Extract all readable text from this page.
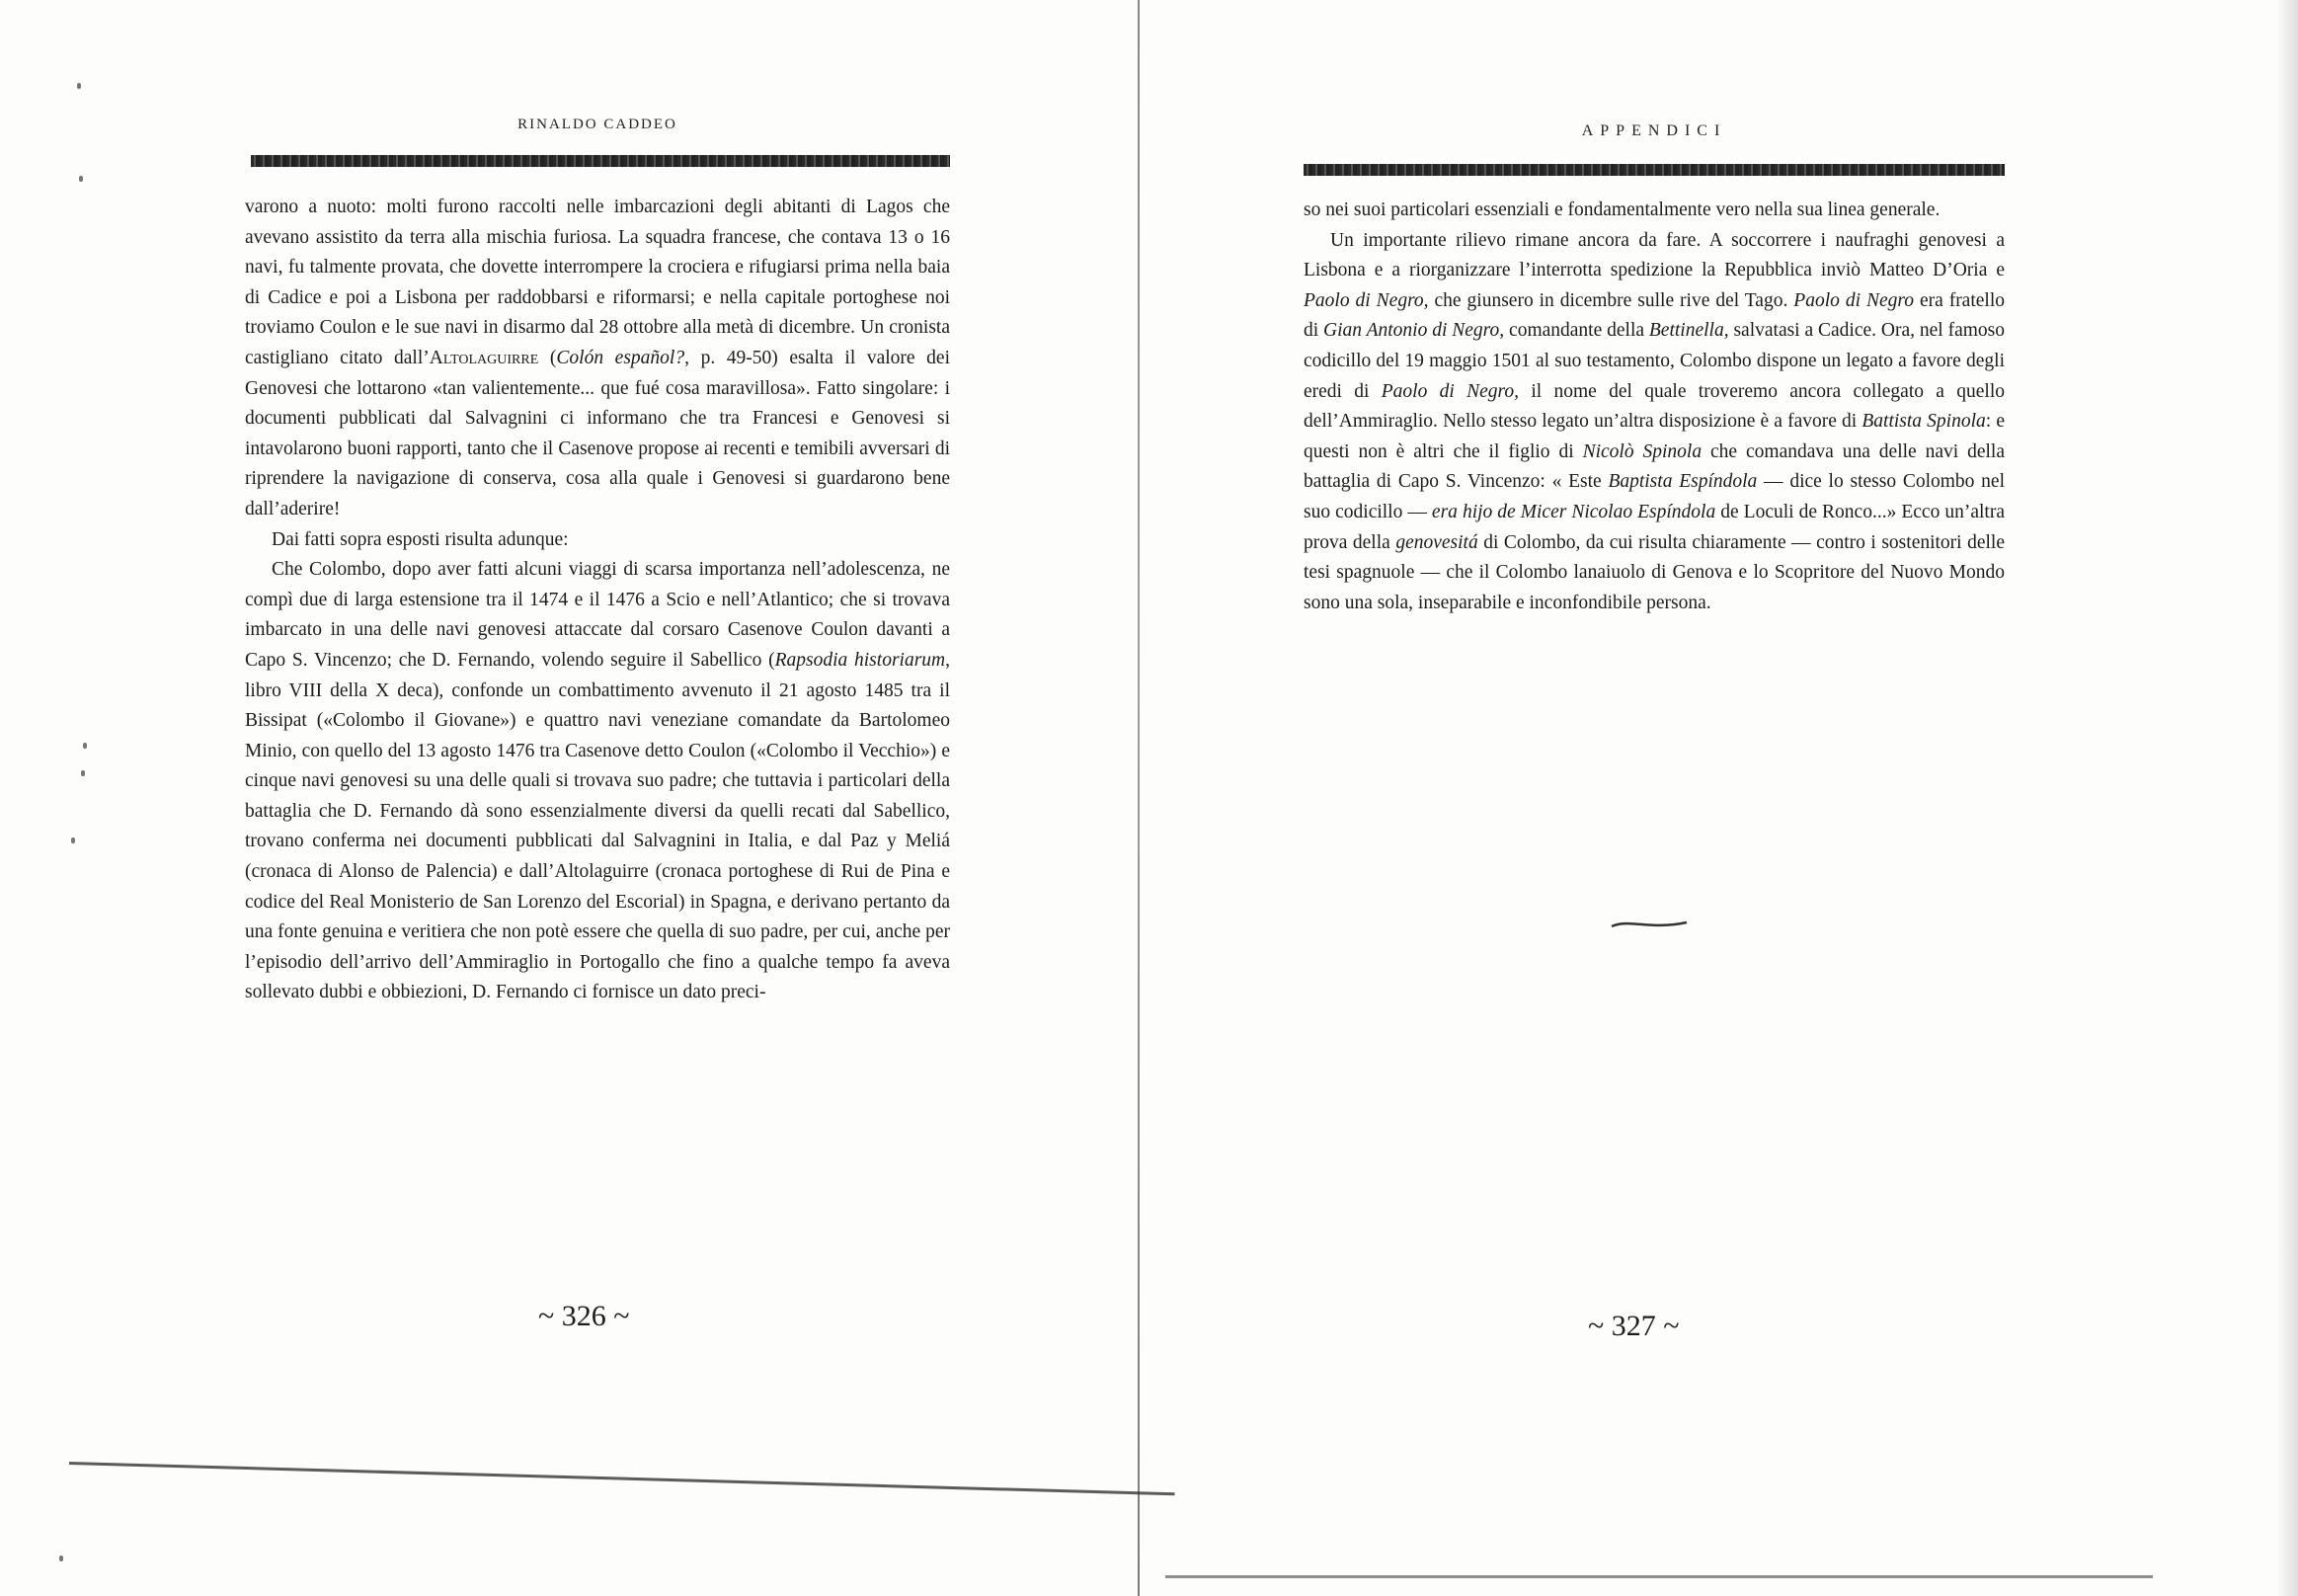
RINALDO CADDEO

varono a nuoto: molti furono raccolti nelle imbarcazioni degli abitanti di Lagos che avevano assistito da terra alla mischia furiosa. La squadra francese, che contava 13 o 16 navi, fu talmente provata, che dovette interrompere la crociera e rifugiarsi prima nella baia di Cadice e poi a Lisbona per raddobbarsi e riformarsi; e nella capitale portoghese noi troviamo Coulon e le sue navi in disarmo dal 28 ottobre alla metà di dicembre. Un cronista castigliano citato dall’Altolaguirre (Colón español?, p. 49-50) esalta il valore dei Genovesi che lottarono «tan valientemente... que fué cosa maravillosa». Fatto singolare: i documenti pubblicati dal Salvagnini ci informano che tra Francesi e Genovesi si intavolarono buoni rapporti, tanto che il Casenove propose ai recenti e temibili avversari di riprendere la navigazione di conserva, cosa alla quale i Genovesi si guardarono bene dall’aderire!

Dai fatti sopra esposti risulta adunque:

Che Colombo, dopo aver fatti alcuni viaggi di scarsa importanza nell’adolescenza, ne compì due di larga estensione tra il 1474 e il 1476 a Scio e nell’Atlantico; che si trovava imbarcato in una delle navi genovesi attaccate dal corsaro Casenove Coulon davanti a Capo S. Vincenzo; che D. Fernando, volendo seguire il Sabellico (Rapsodia historiarum, libro VIII della X deca), confonde un combattimento avvenuto il 21 agosto 1485 tra il Bissipat («Colombo il Giovane») e quattro navi veneziane comandate da Bartolomeo Minio, con quello del 13 agosto 1476 tra Casenove detto Coulon («Colombo il Vecchio») e cinque navi genovesi su una delle quali si trovava suo padre; che tuttavia i particolari della battaglia che D. Fernando dà sono essenzialmente diversi da quelli recati dal Sabellico, trovano conferma nei documenti pubblicati dal Salvagnini in Italia, e dal Paz y Meliá (cronaca di Alonso de Palencia) e dall’Altolaguirre (cronaca portoghese di Rui de Pina e codice del Real Monisterio de San Lorenzo del Escorial) in Spagna, e derivano pertanto da una fonte genuina e veritiera che non potè essere che quella di suo padre, per cui, anche per l’episodio dell’arrivo dell’Ammiraglio in Portogallo che fino a qualche tempo fa aveva sollevato dubbi e obbiezioni, D. Fernando ci fornisce un dato preci-

~ 326 ~
APPENDICI

so nei suoi particolari essenziali e fondamentalmente vero nella sua linea generale.

Un importante rilievo rimane ancora da fare. A soccorrere i naufraghi genovesi a Lisbona e a riorganizzare l’interrotta spedizione la Repubblica inviò Matteo D’Oria e Paolo di Negro, che giunsero in dicembre sulle rive del Tago. Paolo di Negro era fratello di Gian Antonio di Negro, comandante della Bettinella, salvatasi a Cadice. Ora, nel famoso codicillo del 19 maggio 1501 al suo testamento, Colombo dispone un legato a favore degli eredi di Paolo di Negro, il nome del quale troveremo ancora collegato a quello dell’Ammiraglio. Nello stesso legato un’altra disposizione è a favore di Battista Spinola: e questi non è altri che il figlio di Nicolò Spinola che comandava una delle navi della battaglia di Capo S. Vincenzo: « Este Baptista Espíndola — dice lo stesso Colombo nel suo codicillo — era hijo de Micer Nicolao Espíndola de Loculi de Ronco...» Ecco un’altra prova della genovesitá di Colombo, da cui risulta chiaramente — contro i sostenitori delle tesi spagnuole — che il Colombo lanaiuolo di Genova e lo Scopritore del Nuovo Mondo sono una sola, inseparabile e inconfondibile persona.

~ 327 ~
